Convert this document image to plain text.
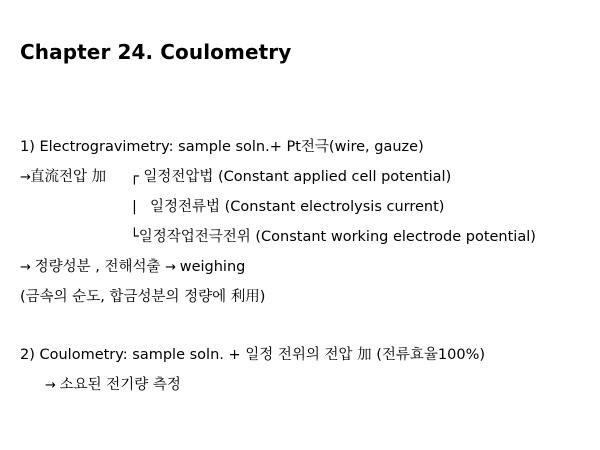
Chapter 24. Coulometry
1) Electrogravimetry: sample soln.+ Pt전극(wire, gauze)
→直流전압 加 ┌ 일정전압법 (Constant applied cell potential)
| 일정전류법 (Constant electrolysis current)
└일정작업전극전위 (Constant working electrode potential)
→ 정량성분 , 전해석출 → weighing
(금속의 순도, 합금성분의 정량에 利用)
2) Coulometry: sample soln. + 일정 전위의 전압 加 (전류효율100%)
→ 소요된 전기량 측정
